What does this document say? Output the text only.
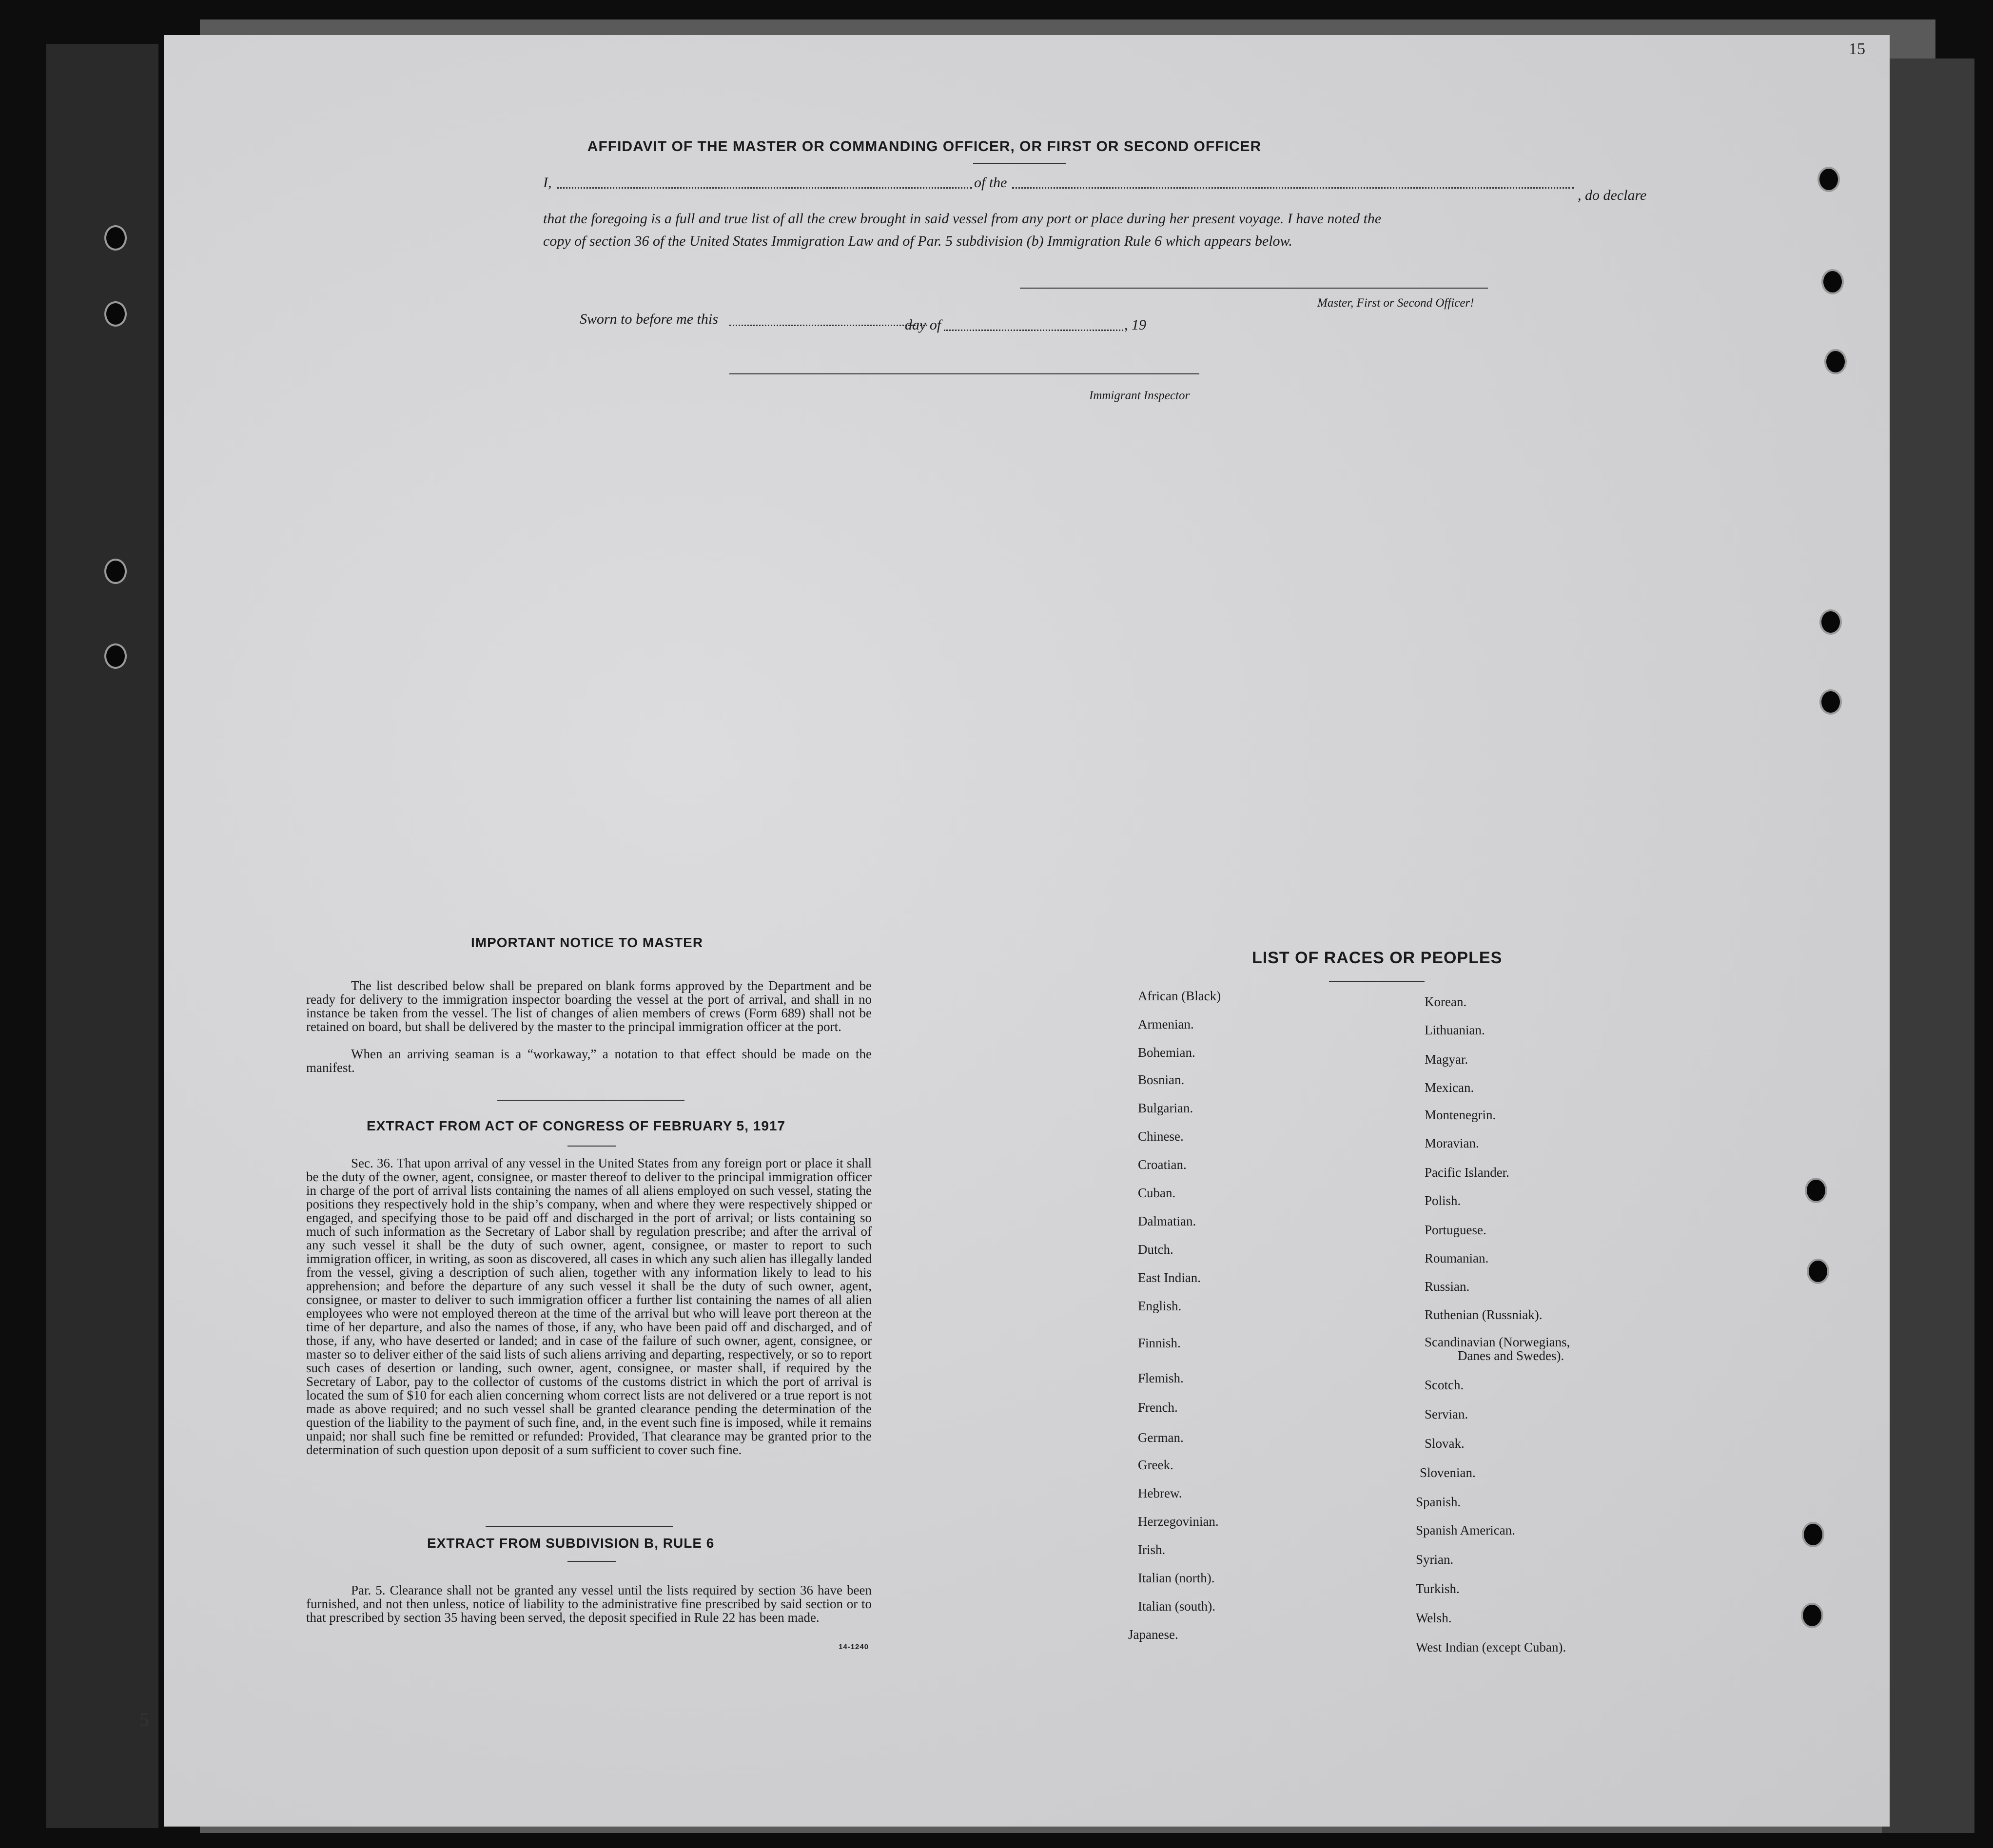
15
AFFIDAVIT OF THE MASTER OR COMMANDING OFFICER, OR FIRST OR SECOND OFFICER
I,	of the
, do declare
that the foregoing is a full and true list of all the crew brought in said vessel from any port or place during her present voyage. I have noted the
copy of section 36 of the United States Immigration Law and of Par. 5 subdivision (b) Immigration Rule 6 which appears below.
Master, First or Second Officer!
Sworn to before me this	day of	, 19
Immigrant Inspector
IMPORTANT NOTICE TO MASTER
The list described below shall be prepared on blank forms approved by the Department and be ready for delivery to the immigration inspector boarding the vessel at the port of arrival, and shall in no instance be taken from the vessel. The list of changes of alien members of crews (Form 689) shall not be retained on board, but shall be delivered by the master to the principal immigration officer at the port.
When an arriving seaman is a “workaway,” a notation to that effect should be made on the manifest.
EXTRACT FROM ACT OF CONGRESS OF FEBRUARY 5, 1917
Sec. 36. That upon arrival of any vessel in the United States from any foreign port or place it shall be the duty of the owner, agent, consignee, or master thereof to deliver to the principal immigration officer in charge of the port of arrival lists containing the names of all aliens employed on such vessel, stating the positions they respectively hold in the ship’s company, when and where they were respectively shipped or engaged, and specifying those to be paid off and discharged in the port of arrival; or lists containing so much of such information as the Secretary of Labor shall by regulation prescribe; and after the arrival of any such vessel it shall be the duty of such owner, agent, consignee, or master to report to such immigration officer, in writing, as soon as discovered, all cases in which any such alien has illegally landed from the vessel, giving a description of such alien, together with any information likely to lead to his apprehension; and before the departure of any such vessel it shall be the duty of such owner, agent, consignee, or master to deliver to such immigration officer a further list containing the names of all alien employees who were not employed thereon at the time of the arrival but who will leave port thereon at the time of her departure, and also the names of those, if any, who have been paid off and discharged, and of those, if any, who have deserted or landed; and in case of the failure of such owner, agent, consignee, or master so to deliver either of the said lists of such aliens arriving and departing, respectively, or so to report such cases of desertion or landing, such owner, agent, consignee, or master shall, if required by the Secretary of Labor, pay to the collector of customs of the customs district in which the port of arrival is located the sum of $10 for each alien concerning whom correct lists are not delivered or a true report is not made as above required; and no such vessel shall be granted clearance pending the determination of the question of the liability to the payment of such fine, and, in the event such fine is imposed, while it remains unpaid; nor shall such fine be remitted or refunded: Provided, That clearance may be granted prior to the determination of such question upon deposit of a sum sufficient to cover such fine.
EXTRACT FROM SUBDIVISION B, RULE 6
Par. 5. Clearance shall not be granted any vessel until the lists required by section 36 have been furnished, and not then unless, notice of liability to the administrative fine prescribed by said section or to that prescribed by section 35 having been served, the deposit specified in Rule 22 has been made.
14-1240
LIST OF RACES OR PEOPLES
African (Black)
Armenian.
Bohemian.
Bosnian.
Bulgarian.
Chinese.
Croatian.
Cuban.
Dalmatian.
Dutch.
East Indian.
English.
Finnish.
Flemish.
French.
German.
Greek.
Hebrew.
Herzegovinian.
Irish.
Italian (north).
Italian (south).
Japanese.
Korean.
Lithuanian.
Magyar.
Mexican.
Montenegrin.
Moravian.
Pacific Islander.
Polish.
Portuguese.
Roumanian.
Russian.
Ruthenian (Russniak).
Scandinavian (Norwegians,
Danes and Swedes).
Scotch.
Servian.
Slovak.
Slovenian.
Spanish.
Spanish American.
Syrian.
Turkish.
Welsh.
West Indian (except Cuban).
5
